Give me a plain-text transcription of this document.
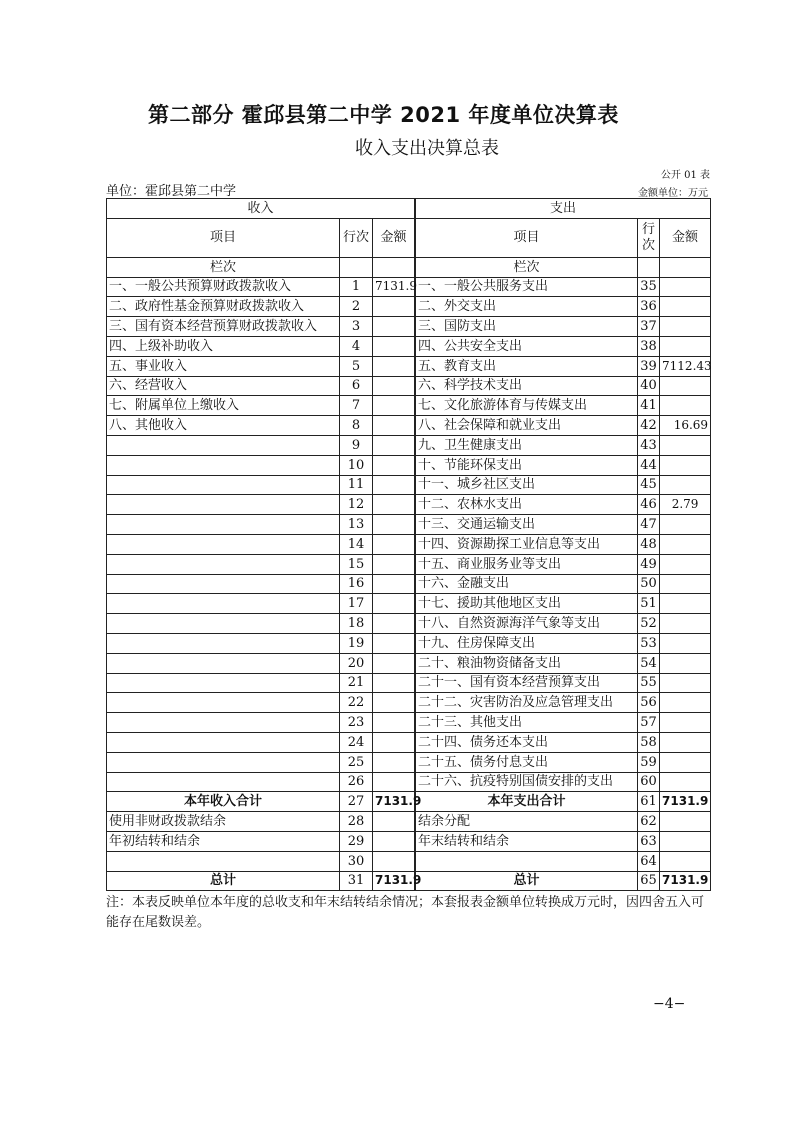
第二部分 霍邱县第二中学 2021 年度单位决算表
收入支出决算总表
公开 01 表
单位：霍邱县第二中学	金额单位：万元
收入			支出		
项目	行次	金额		项目	行
次	金额
栏次				栏次		
一、一般公共预算财政拨款收入	1	7131.9		一、一般公共服务支出	35	
二、政府性基金预算财政拨款收入	2			二、外交支出	36	
三、国有资本经营预算财政拨款收入	3			三、国防支出	37	
四、上级补助收入	4			四、公共安全支出	38	
五、事业收入	5			五、教育支出	39	7112.43
六、经营收入	6			六、科学技术支出	40	
七、附属单位上缴收入	7			七、文化旅游体育与传媒支出	41	
八、其他收入	8			八、社会保障和就业支出	42	16.69
	9			九、卫生健康支出	43	
	10			十、节能环保支出	44	
	11			十一、城乡社区支出	45	
	12			十二、农林水支出	46	2.79
	13			十三、交通运输支出	47	
	14			十四、资源勘探工业信息等支出	48	
	15			十五、商业服务业等支出	49	
	16			十六、金融支出	50	
	17			十七、援助其他地区支出	51	
	18			十八、自然资源海洋气象等支出	52	
	19			十九、住房保障支出	53	
	20			二十、粮油物资储备支出	54	
	21			二十一、国有资本经营预算支出	55	
	22			二十二、灾害防治及应急管理支出	56	
	23			二十三、其他支出	57	
	24			二十四、债务还本支出	58	
	25			二十五、债务付息支出	59	
	26			二十六、抗疫特别国债安排的支出	60	
本年收入合计	27	7131.9		本年支出合计	61	7131.9
使用非财政拨款结余	28			结余分配	62	
年初结转和结余	29			年末结转和结余	63	
	30				64	
总计	31	7131.9		总计	65	7131.9
注：本表反映单位本年度的总收支和年末结转结余情况；本套报表金额单位转换成万元时，因四舍五入可能存在尾数误差。
−4−
